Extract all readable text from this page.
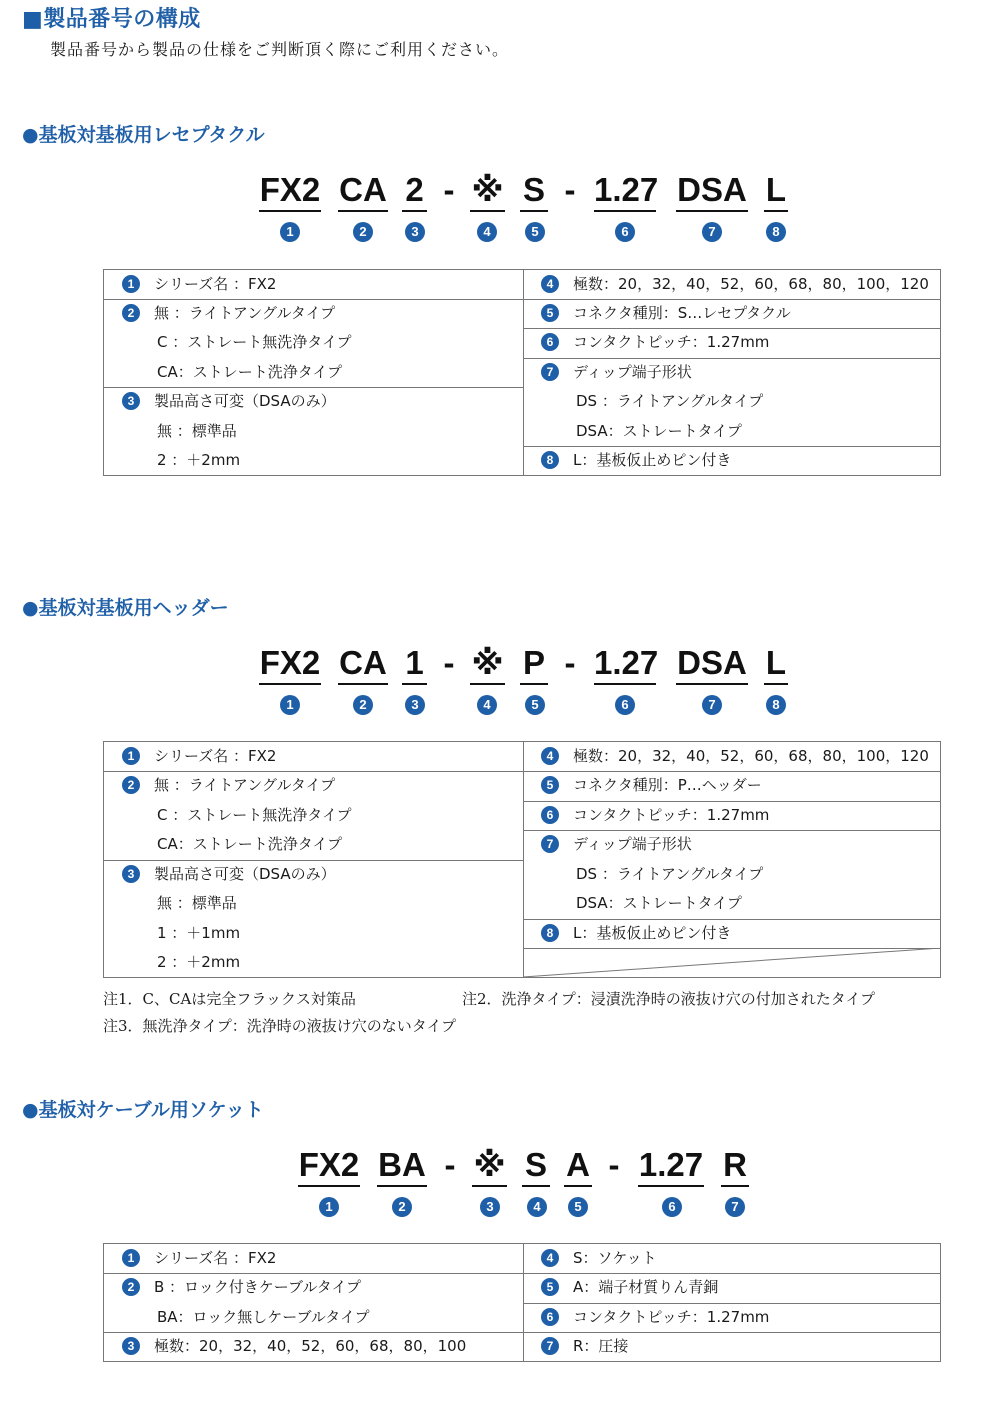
■製品番号の構成
製品番号から製品の仕様をご判断頂く際にご利用ください。
●基板対基板用レセプタクル
FX2 CA 2 - ※ S - 1.27 DSA L
1	2	3	4	5	6	7	8
1 シリーズ名 ：FX2
2 無 ：ライトアングルタイプ
C ：ストレート無洗浄タイプ
CA：ストレート洗浄タイプ
3 製品高さ可変（DSAのみ）
無 ：標準品
2 ：＋2mm
4 極数：20，32，40，52，60，68，80，100，120
5 コネクタ種別：S…レセプタクル
6 コンタクトピッチ：1.27mm
7 ディップ端子形状
DS ：ライトアングルタイプ
DSA：ストレートタイプ
8 L：基板仮止めピン付き
●基板対基板用ヘッダー
FX2 CA 1 - ※ P - 1.27 DSA L
1	2	3	4	5	6	7	8
1 シリーズ名 ：FX2
2 無 ：ライトアングルタイプ
C ：ストレート無洗浄タイプ
CA：ストレート洗浄タイプ
3 製品高さ可変（DSAのみ）
無 ：標準品
1 ：＋1mm
2 ：＋2mm
4 極数：20，32，40，52，60，68，80，100，120
5 コネクタ種別：P…ヘッダー
6 コンタクトピッチ：1.27mm
7 ディップ端子形状
DS ：ライトアングルタイプ
DSA：ストレートタイプ
8 L：基板仮止めピン付き
注1．C、CAは完全フラックス対策品	注2．洗浄タイプ：浸漬洗浄時の液抜け穴の付加されたタイプ
注3．無洗浄タイプ：洗浄時の液抜け穴のないタイプ
●基板対ケーブル用ソケット
FX2 BA - ※ S A - 1.27 R
1	2	3	4	5	6	7
1 シリーズ名 ：FX2
2 B ：ロック付きケーブルタイプ
BA：ロック無しケーブルタイプ
3 極数：20，32，40，52，60，68，80，100
4 S：ソケット
5 A：端子材質りん青銅
6 コンタクトピッチ：1.27mm
7 R：圧接
